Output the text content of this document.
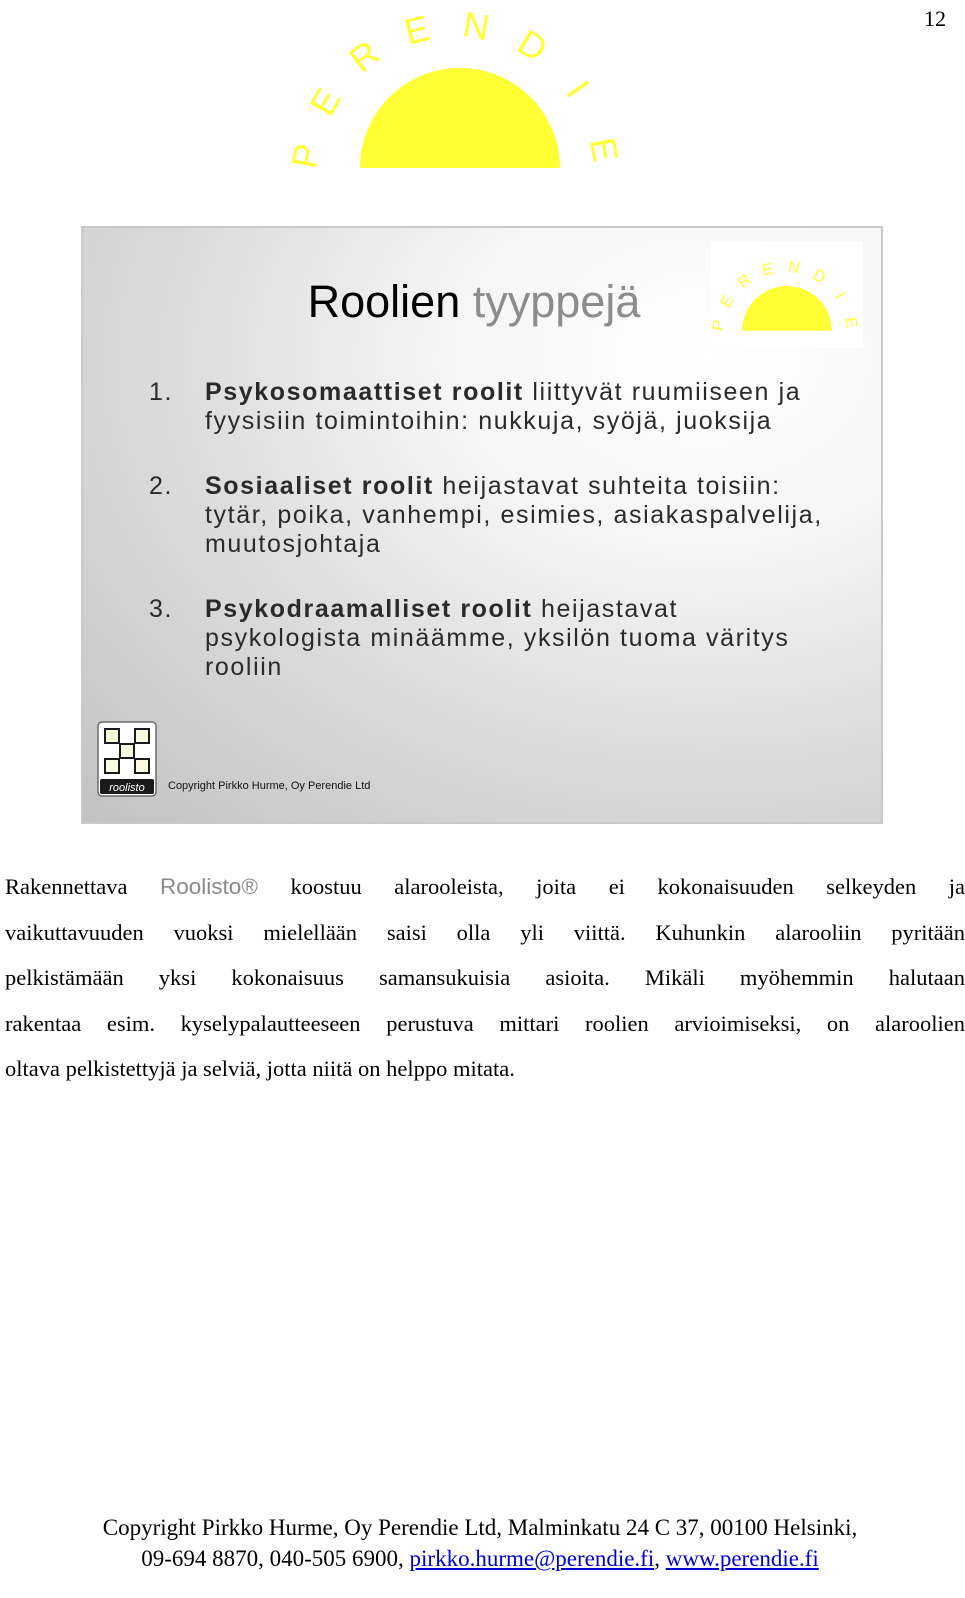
12
P
E
R
E N D
I
E
P
E
R
E N D
I
E
Roolien tyyppejä
1. Psykosomaattiset roolit liittyvät ruumiiseen ja fyysisiin toimintoihin: nukkuja, syöjä, juoksija
2. Sosiaaliset roolit heijastavat suhteita toisiin: tytär, poika, vanhempi, esimies, asiakaspalvelija, muutosjohtaja
3. Psykodraamalliset roolit heijastavat psykologista minäämme, yksilön tuoma väritys rooliin
roolisto Copyright Pirkko Hurme, Oy Perendie Ltd
Rakennettava Roolisto® koostuu alarooleista, joita ei kokonaisuuden selkeyden ja
vaikuttavuuden vuoksi mielellään saisi olla yli viittä. Kuhunkin alarooliin pyritään
pelkistämään yksi kokonaisuus samansukuisia asioita. Mikäli myöhemmin halutaan
rakentaa esim. kyselypalautteeseen perustuva mittari roolien arvioimiseksi, on alaroolien
oltava pelkistettyjä ja selviä, jotta niitä on helppo mitata.
Copyright Pirkko Hurme, Oy Perendie Ltd, Malminkatu 24 C 37, 00100 Helsinki,
09-694 8870, 040-505 6900, pirkko.hurme@perendie.fi, www.perendie.fi
